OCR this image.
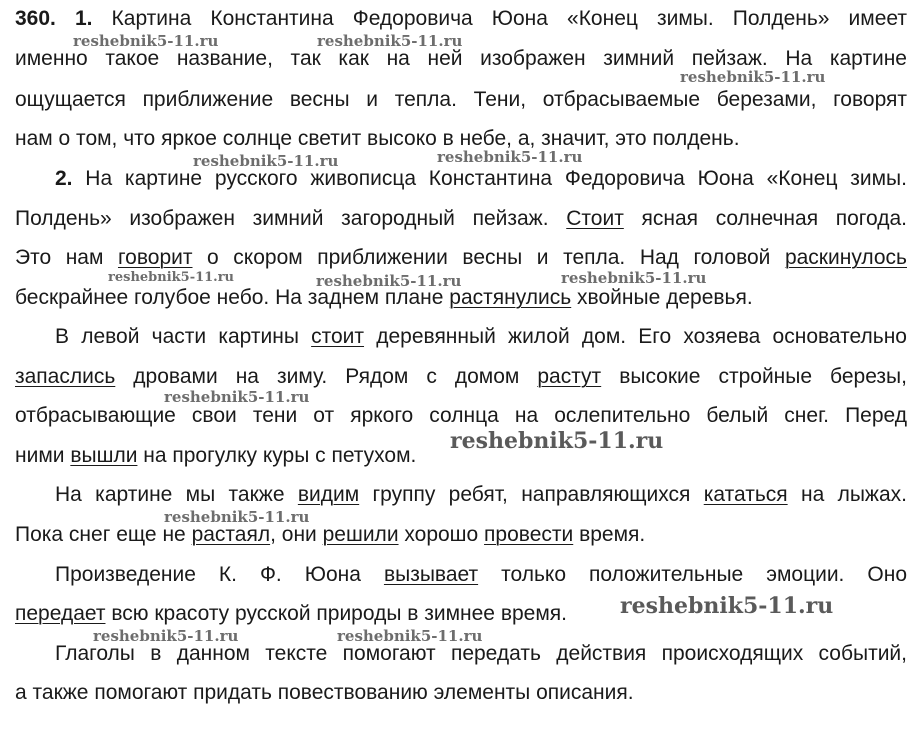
360. 1. Картина Константина Федоровича Юона «Конец зимы. Полдень» имеет
именно такое название, так как на ней изображен зимний пейзаж. На картине
ощущается приближение весны и тепла. Тени, отбрасываемые березами, говорят
нам о том, что яркое солнце светит высоко в небе, а, значит, это полдень.
2. На картине русского живописца Константина Федоровича Юона «Конец зимы.
Полдень» изображен зимний загородный пейзаж. Стоит ясная солнечная погода.
Это нам говорит о скором приближении весны и тепла. Над головой раскинулось
бескрайнее голубое небо. На заднем плане растянулись хвойные деревья.
В левой части картины стоит деревянный жилой дом. Его хозяева основательно
запаслись дровами на зиму. Рядом с домом растут высокие стройные березы,
отбрасывающие свои тени от яркого солнца на ослепительно белый снег. Перед
ними вышли на прогулку куры с петухом.
На картине мы также видим группу ребят, направляющихся кататься на лыжах.
Пока снег еще не растаял, они решили хорошо провести время.
Произведение К. Ф. Юона вызывает только положительные эмоции. Оно
передает всю красоту русской природы в зимнее время.
Глаголы в данном тексте помогают передать действия происходящих событий,
а также помогают придать повествованию элементы описания.
reshebnik5-11.ru	reshebnik5-11.ru
reshebnik5-11.ru
reshebnik5-11.ru	reshebnik5-11.ru
reshebnik5-11.ru	reshebnik5-11.ru	reshebnik5-11.ru
reshebnik5-11.ru
reshebnik5-11.ru
reshebnik5-11.ru
reshebnik5-11.ru
reshebnik5-11.ru	reshebnik5-11.ru
